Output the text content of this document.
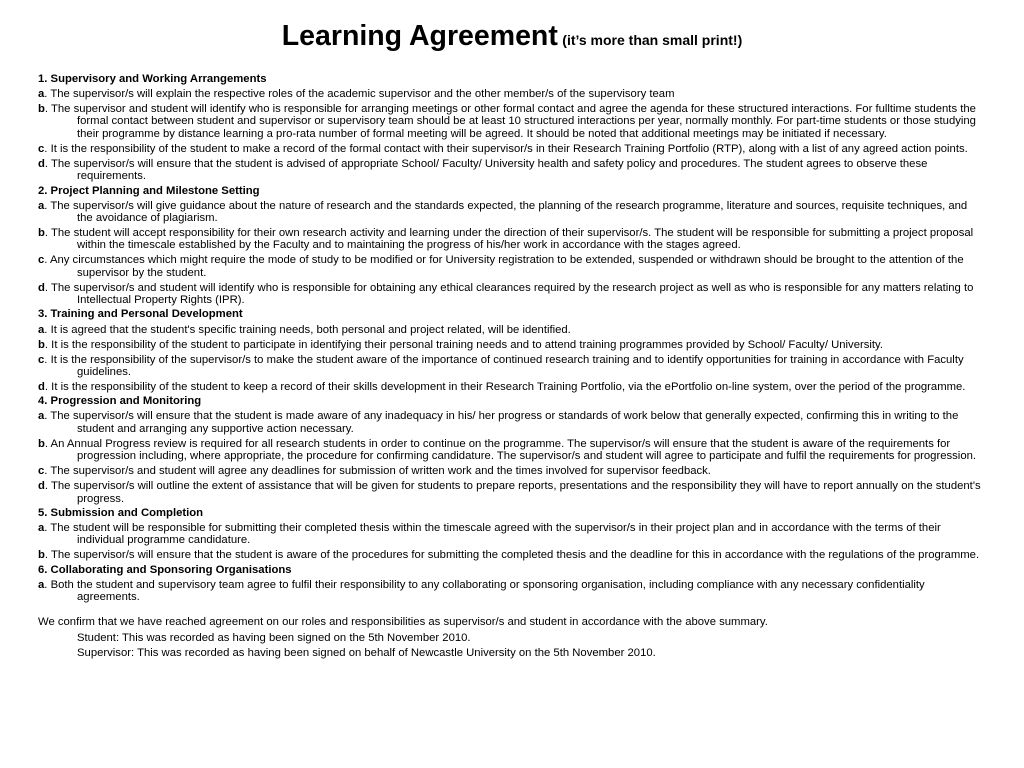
Learning Agreement (it’s more than small print!)
1. Supervisory and Working Arrangements
a. The supervisor/s will explain the respective roles of the academic supervisor and the other member/s of the supervisory team
b. The supervisor and student will identify who is responsible for arranging meetings or other formal contact and agree the agenda for these structured interactions. For fulltime students the formal contact between student and supervisor or supervisory team should be at least 10 structured interactions per year, normally monthly. For part-time students or those studying their programme by distance learning a pro-rata number of formal meeting will be agreed. It should be noted that additional meetings may be initiated if necessary.
c. It is the responsibility of the student to make a record of the formal contact with their supervisor/s in their Research Training Portfolio (RTP), along with a list of any agreed action points.
d. The supervisor/s will ensure that the student is advised of appropriate School/ Faculty/ University health and safety policy and procedures. The student agrees to observe these requirements.
2. Project Planning and Milestone Setting
a. The supervisor/s will give guidance about the nature of research and the standards expected, the planning of the research programme, literature and sources, requisite techniques, and the avoidance of plagiarism.
b. The student will accept responsibility for their own research activity and learning under the direction of their supervisor/s. The student will be responsible for submitting a project proposal within the timescale established by the Faculty and to maintaining the progress of his/her work in accordance with the stages agreed.
c. Any circumstances which might require the mode of study to be modified or for University registration to be extended, suspended or withdrawn should be brought to the attention of the supervisor by the student.
d. The supervisor/s and student will identify who is responsible for obtaining any ethical clearances required by the research project as well as who is responsible for any matters relating to Intellectual Property Rights (IPR).
3. Training and Personal Development
a. It is agreed that the student's specific training needs, both personal and project related, will be identified.
b. It is the responsibility of the student to participate in identifying their personal training needs and to attend training programmes provided by School/ Faculty/ University.
c. It is the responsibility of the supervisor/s to make the student aware of the importance of continued research training and to identify opportunities for training in accordance with Faculty guidelines.
d. It is the responsibility of the student to keep a record of their skills development in their Research Training Portfolio, via the ePortfolio on-line system, over the period of the programme.
4. Progression and Monitoring
a. The supervisor/s will ensure that the student is made aware of any inadequacy in his/ her progress or standards of work below that generally expected, confirming this in writing to the student and arranging any supportive action necessary.
b. An Annual Progress review is required for all research students in order to continue on the programme. The supervisor/s will ensure that the student is aware of the requirements for progression including, where appropriate, the procedure for confirming candidature. The supervisor/s and student will agree to participate and fulfil the requirements for progression.
c. The supervisor/s and student will agree any deadlines for submission of written work and the times involved for supervisor feedback.
d. The supervisor/s will outline the extent of assistance that will be given for students to prepare reports, presentations and the responsibility they will have to report annually on the student's progress.
5. Submission and Completion
a. The student will be responsible for submitting their completed thesis within the timescale agreed with the supervisor/s in their project plan and in accordance with the terms of their individual programme candidature.
b. The supervisor/s will ensure that the student is aware of the procedures for submitting the completed thesis and the deadline for this in accordance with the regulations of the programme.
6. Collaborating and Sponsoring Organisations
a. Both the student and supervisory team agree to fulfil their responsibility to any collaborating or sponsoring organisation, including compliance with any necessary confidentiality agreements.
We confirm that we have reached agreement on our roles and responsibilities as supervisor/s and student in accordance with the above summary.
Student: This was recorded as having been signed on the 5th November 2010.
Supervisor: This was recorded as having been signed on behalf of Newcastle University on the 5th November 2010.
